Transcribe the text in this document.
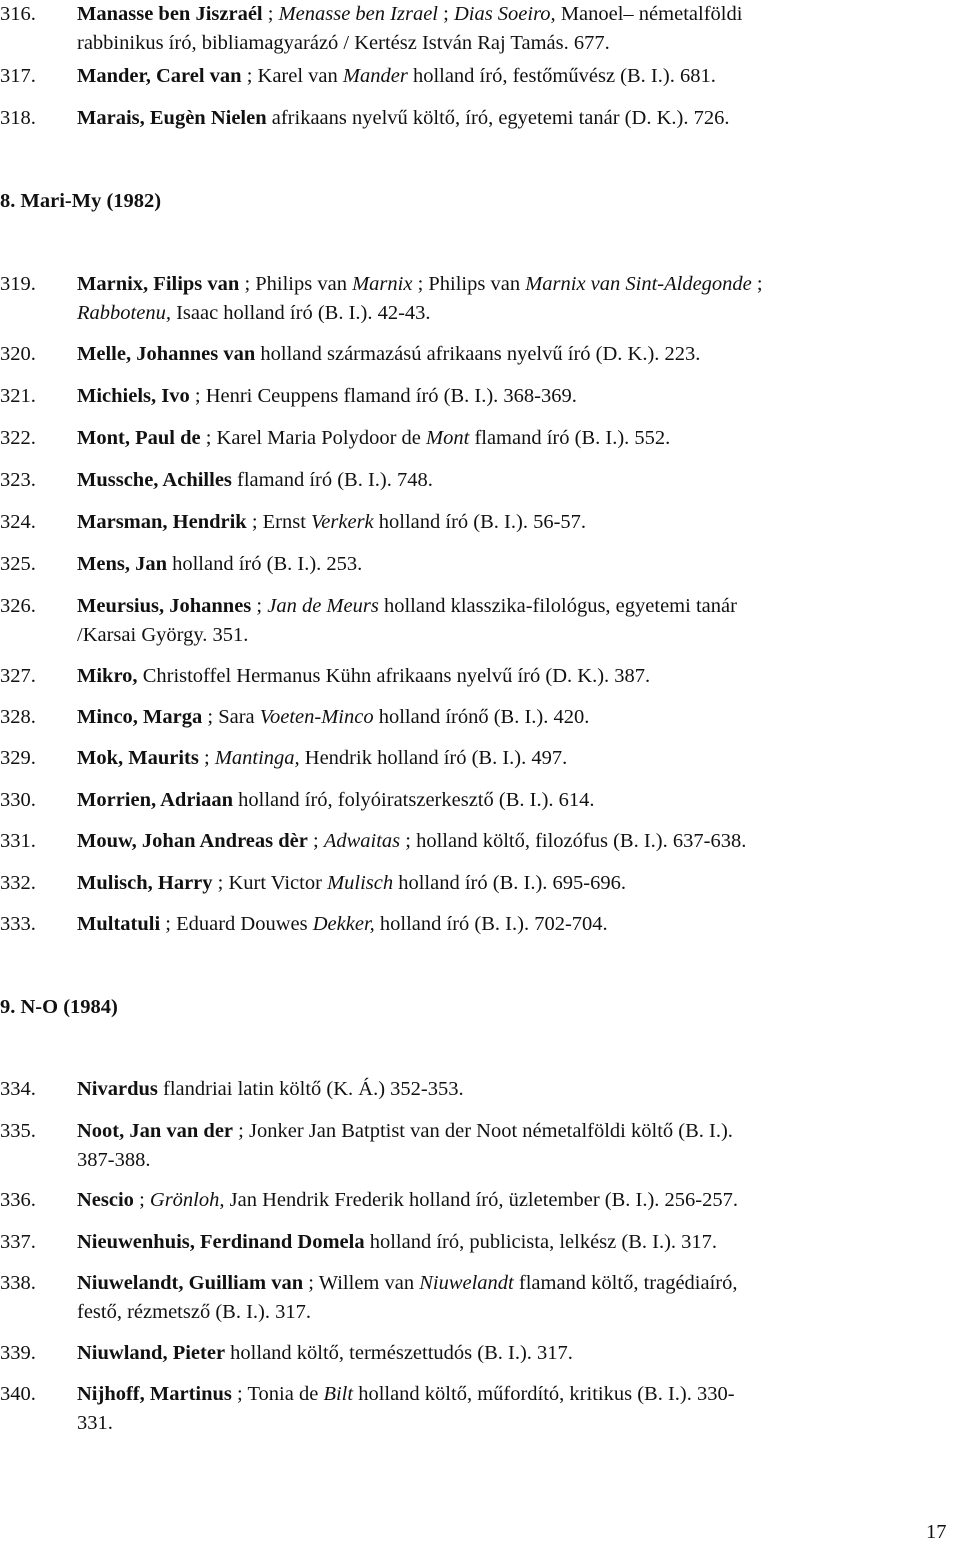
316.	Manasse ben Jiszraél ; Menasse ben Izrael ; Dias Soeiro, Manoel– németalföldi
rabbinikus író, bibliamagyarázó / Kertész István Raj Tamás. 677.
317.	Mander, Carel van ; Karel van Mander holland író, festőművész (B. I.). 681.
318.	Marais, Eugèn Nielen afrikaans nyelvű költő, író, egyetemi tanár (D. K.). 726.
8. Mari-My (1982)
319.	Marnix, Filips van ; Philips van Marnix ; Philips van Marnix van Sint-Aldegonde ;
Rabbotenu, Isaac holland író (B. I.). 42-43.
320.	Melle, Johannes van holland származású afrikaans nyelvű író (D. K.). 223.
321.	Michiels, Ivo ; Henri Ceuppens flamand író (B. I.). 368-369.
322.	Mont, Paul de ; Karel Maria Polydoor de Mont flamand író (B. I.). 552.
323.	Mussche, Achilles flamand író (B. I.). 748.
324.	Marsman, Hendrik ; Ernst Verkerk holland író (B. I.). 56-57.
325.	Mens, Jan holland író (B. I.). 253.
326.	Meursius, Johannes ; Jan de Meurs holland klasszika-filológus, egyetemi tanár
/Karsai György. 351.
327.	Mikro, Christoffel Hermanus Kühn afrikaans nyelvű író (D. K.). 387.
328.	Minco, Marga ; Sara Voeten-Minco holland írónő (B. I.). 420.
329.	Mok, Maurits ; Mantinga, Hendrik holland író (B. I.). 497.
330.	Morrien, Adriaan holland író, folyóiratszerkesztő (B. I.). 614.
331.	Mouw, Johan Andreas dèr ; Adwaitas ; holland költő, filozófus (B. I.). 637-638.
332.	Mulisch, Harry ; Kurt Victor Mulisch holland író (B. I.). 695-696.
333.	Multatuli ; Eduard Douwes Dekker, holland író (B. I.). 702-704.
9. N-O (1984)
334.	Nivardus flandriai latin költő (K. Á.) 352-353.
335.	Noot, Jan van der ; Jonker Jan Batptist van der Noot németalföldi költő (B. I.).
387-388.
336.	Nescio ; Grönloh, Jan Hendrik Frederik holland író, üzletember (B. I.). 256-257.
337.	Nieuwenhuis, Ferdinand Domela holland író, publicista, lelkész (B. I.). 317.
338.	Niuwelandt, Guilliam van ; Willem van Niuwelandt flamand költő, tragédiaíró,
festő, rézmetsző (B. I.). 317.
339.	Niuwland, Pieter holland költő, természettudós (B. I.). 317.
340.	Nijhoff, Martinus ; Tonia de Bilt holland költő, műfordító, kritikus (B. I.). 330-
331.
17
